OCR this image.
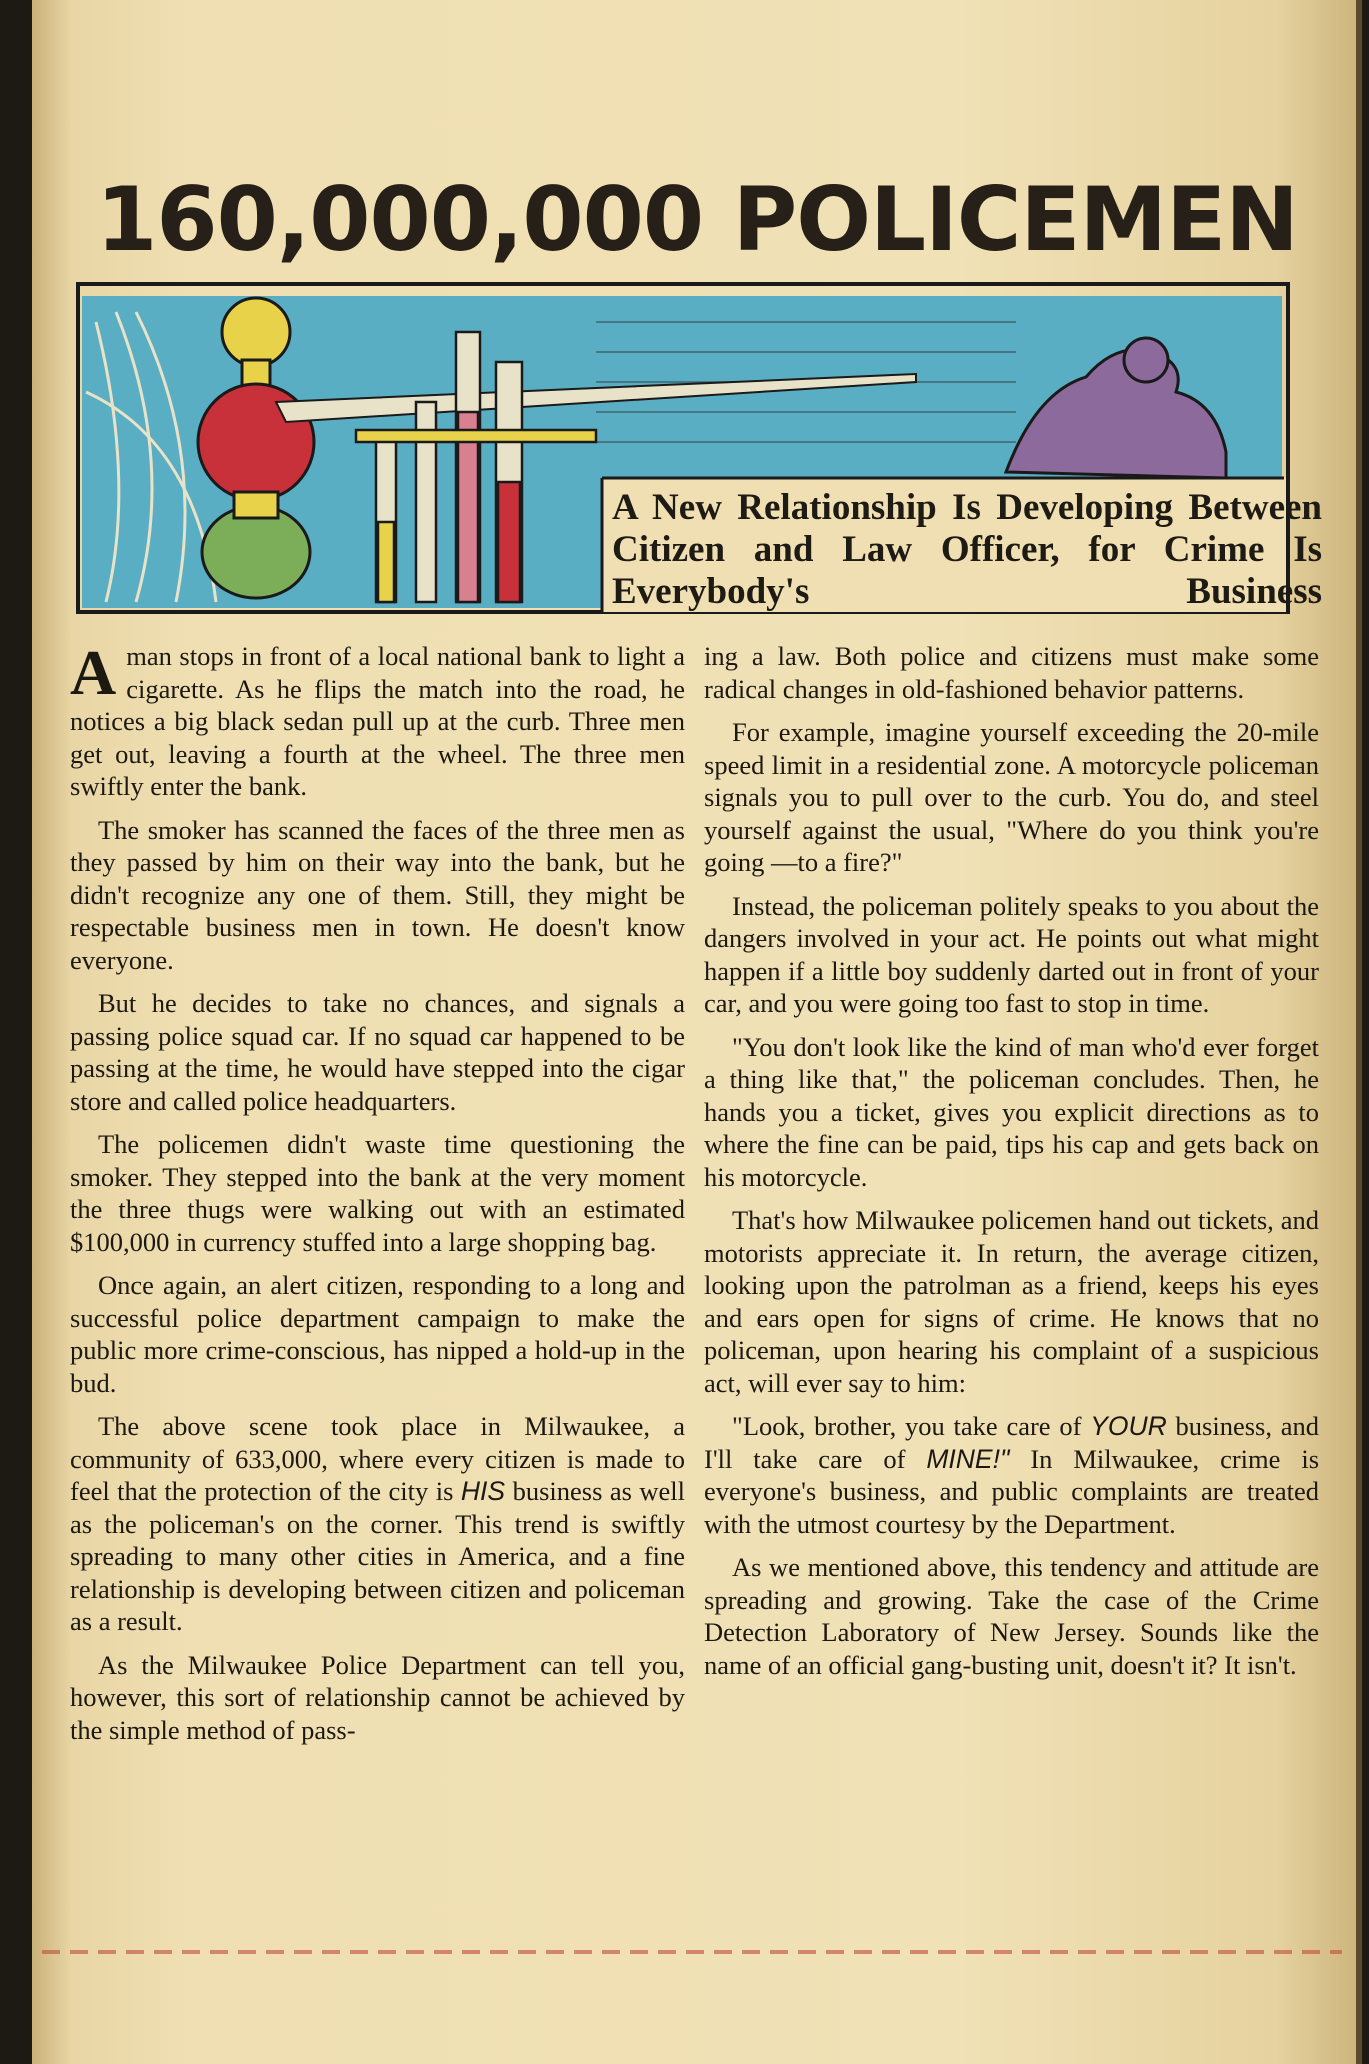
160,000,000 POLICEMEN
A New Relationship Is Developing Between Citizen and Law Officer, for Crime Is Everybody's Business

Aman stops in front of a local national bank to light a cigarette. As he flips the match into the road, he notices a big black sedan pull up at the curb. Three men get out, leaving a fourth at the wheel. The three men swiftly enter the bank.

The smoker has scanned the faces of the three men as they passed by him on their way into the bank, but he didn't recognize any one of them. Still, they might be respectable business men in town. He doesn't know everyone.

But he decides to take no chances, and signals a passing police squad car. If no squad car happened to be passing at the time, he would have stepped into the cigar store and called police headquarters.

The policemen didn't waste time questioning the smoker. They stepped into the bank at the very moment the three thugs were walking out with an estimated $100,000 in currency stuffed into a large shopping bag.

Once again, an alert citizen, responding to a long and successful police department campaign to make the public more crime-conscious, has nipped a hold-up in the bud.

The above scene took place in Milwaukee, a community of 633,000, where every citizen is made to feel that the protection of the city is HIS business as well as the policeman's on the corner. This trend is swiftly spreading to many other cities in America, and a fine relationship is developing between citizen and policeman as a result.

As the Milwaukee Police Department can tell you, however, this sort of relationship cannot be achieved by the simple method of pass-

ing a law. Both police and citizens must make some radical changes in old-fashioned behavior patterns.

For example, imagine yourself exceeding the 20-mile speed limit in a residential zone. A motorcycle policeman signals you to pull over to the curb. You do, and steel yourself against the usual, "Where do you think you're going —to a fire?"

Instead, the policeman politely speaks to you about the dangers involved in your act. He points out what might happen if a little boy suddenly darted out in front of your car, and you were going too fast to stop in time.

"You don't look like the kind of man who'd ever forget a thing like that," the policeman concludes. Then, he hands you a ticket, gives you explicit directions as to where the fine can be paid, tips his cap and gets back on his motorcycle.

That's how Milwaukee policemen hand out tickets, and motorists appreciate it. In return, the average citizen, looking upon the patrolman as a friend, keeps his eyes and ears open for signs of crime. He knows that no policeman, upon hearing his complaint of a suspicious act, will ever say to him:

"Look, brother, you take care of YOUR business, and I'll take care of MINE!" In Milwaukee, crime is everyone's business, and public complaints are treated with the utmost courtesy by the Department.

As we mentioned above, this tendency and attitude are spreading and growing. Take the case of the Crime Detection Laboratory of New Jersey. Sounds like the name of an official gang-busting unit, doesn't it? It isn't.
